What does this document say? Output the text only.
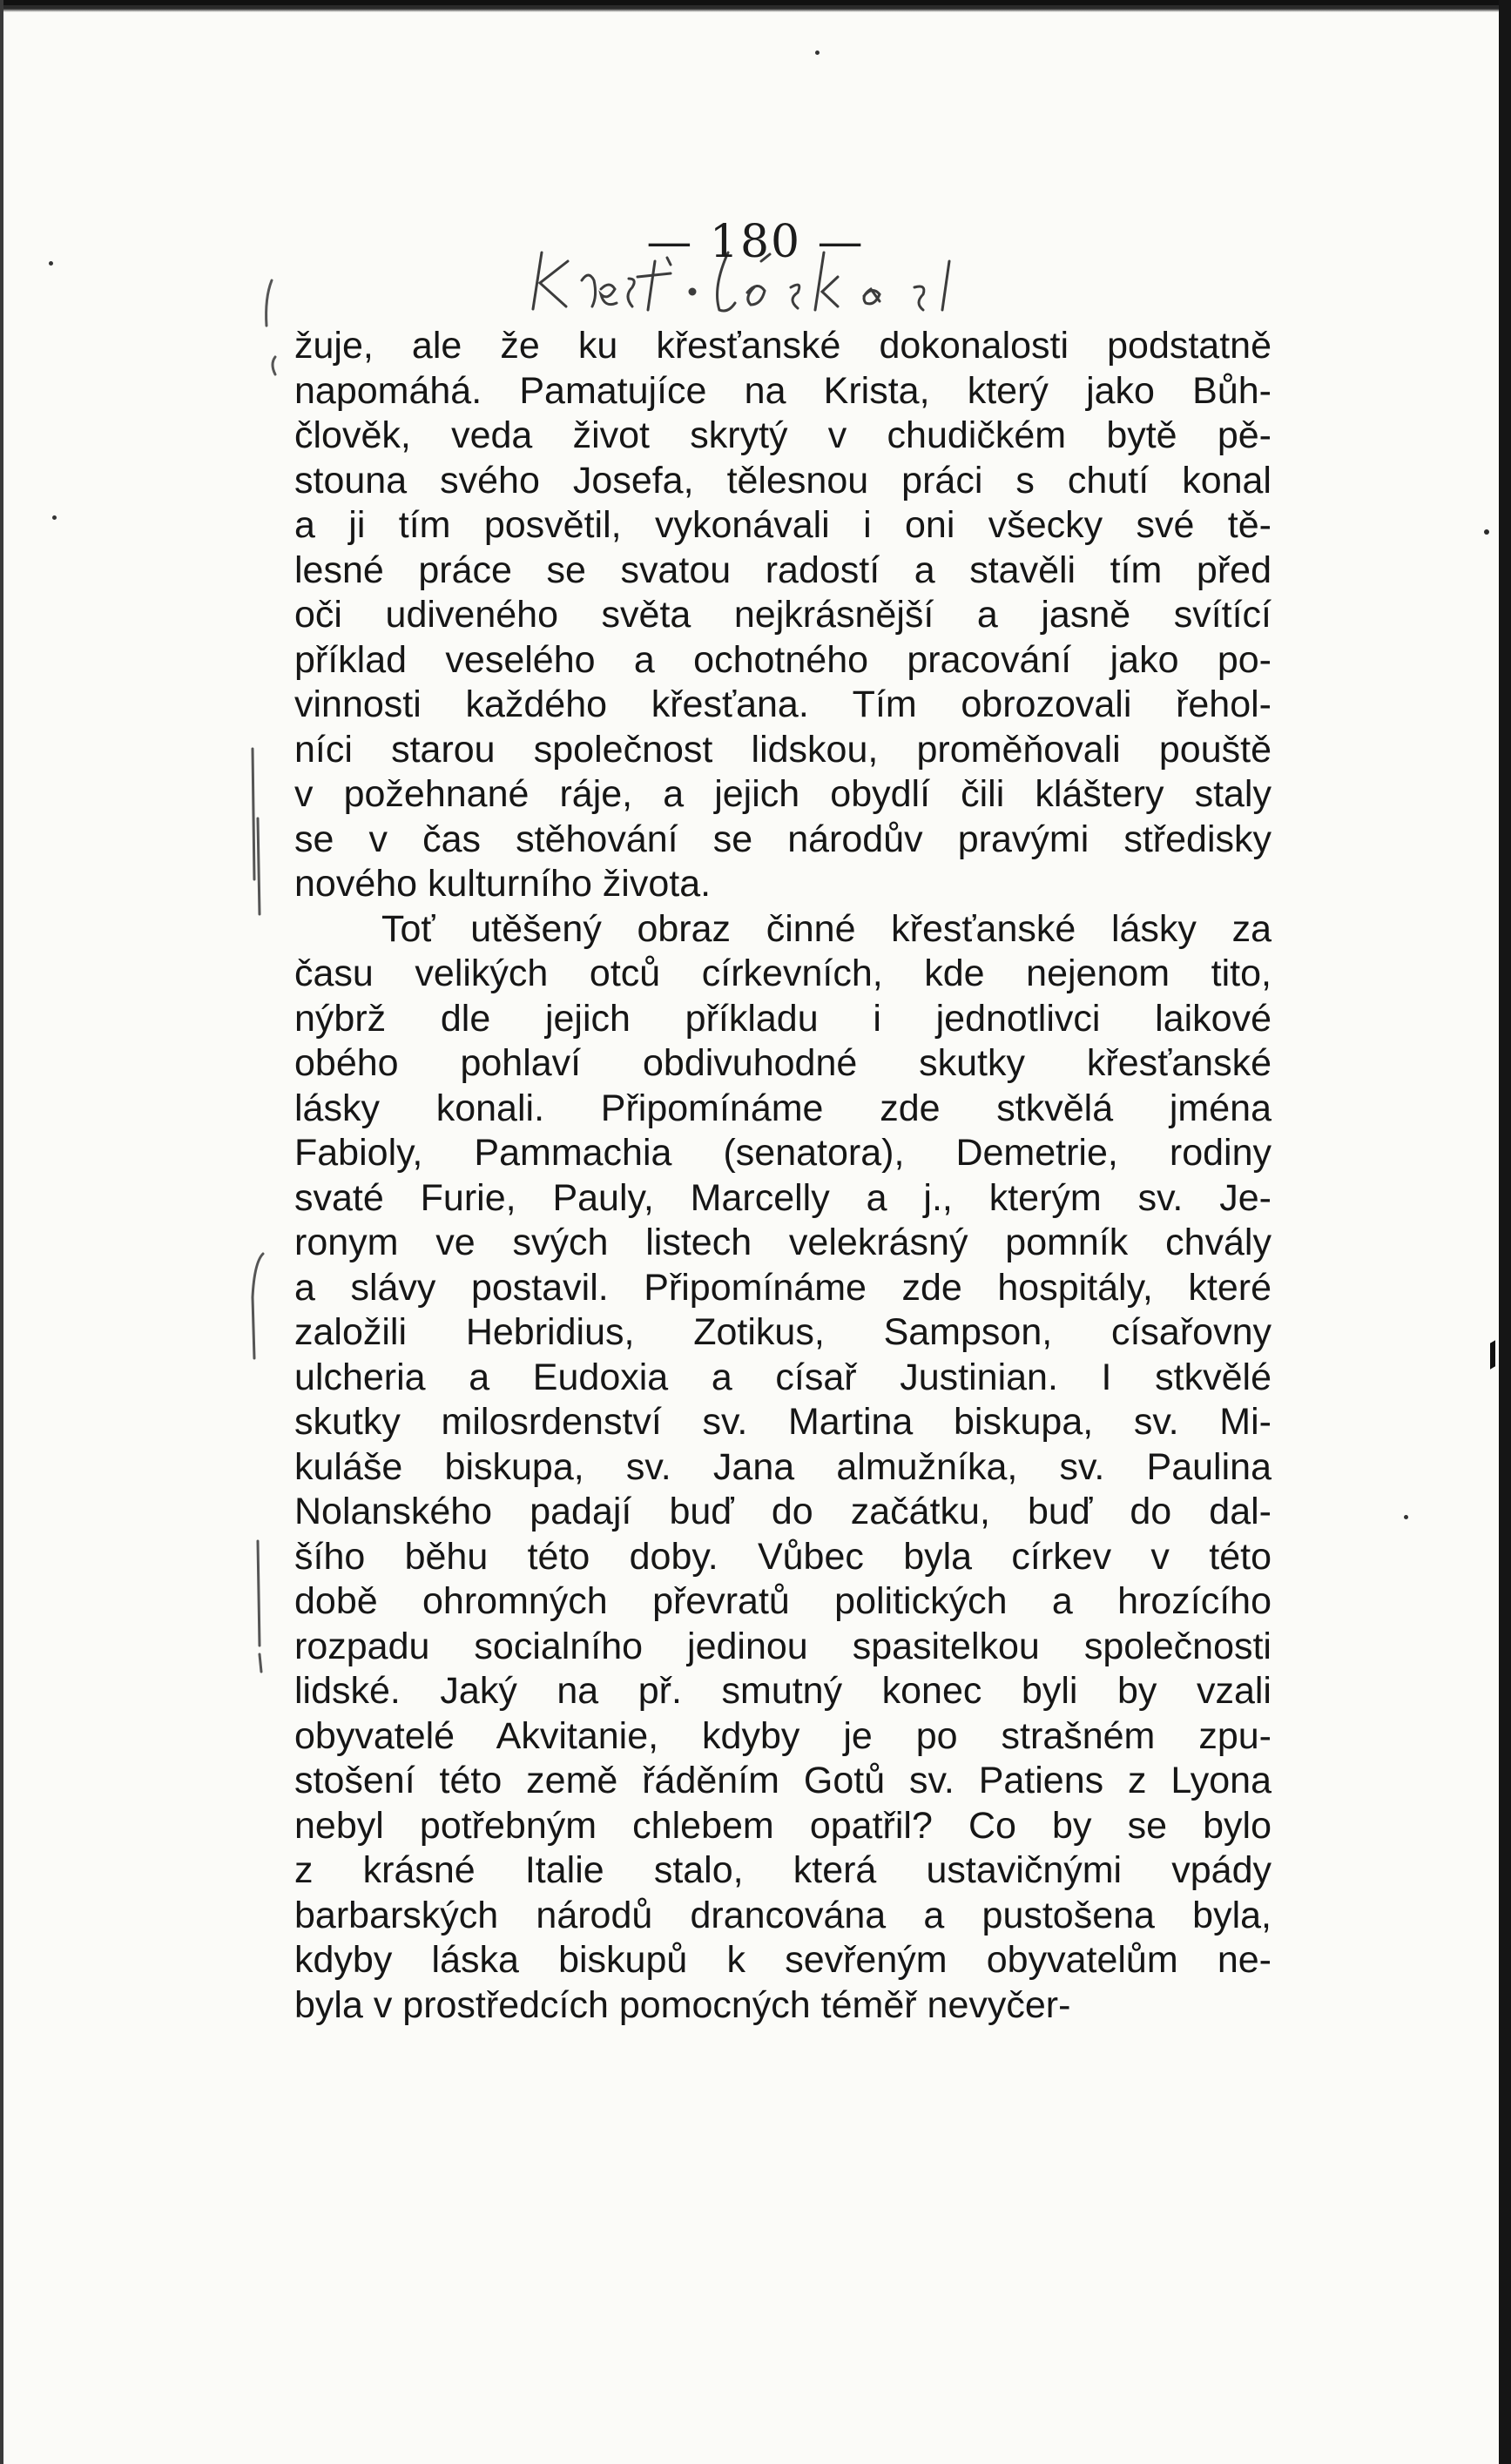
— 180 —
žuje, ale že ku křesťanské dokonalosti podstatně
napomáhá. Pamatujíce na Krista, který jako Bůh-
člověk, veda život skrytý v chudičkém bytě pě-
stouna svého Josefa, tělesnou práci s chutí konal
a ji tím posvětil, vykonávali i oni všecky své tě-
lesné práce se svatou radostí a stavěli tím před
oči udiveného světa nejkrásnější a jasně svítící
příklad veselého a ochotného pracování jako po-
vinnosti každého křesťana. Tím obrozovali řehol-
níci starou společnost lidskou, proměňovali pouště
v požehnané ráje, a jejich obydlí čili kláštery staly
se v čas stěhování se národův pravými středisky
nového kulturního života.
Toť utěšený obraz činné křesťanské lásky za
času velikých otců církevních, kde nejenom tito,
nýbrž dle jejich příkladu i jednotlivci laikové
obého pohlaví obdivuhodné skutky křesťanské
lásky konali. Připomínáme zde stkvělá jména
Fabioly, Pammachia (senatora), Demetrie, rodiny
svaté Furie, Pauly, Marcelly a j., kterým sv. Je-
ronym ve svých listech velekrásný pomník chvály
a slávy postavil. Připomínáme zde hospitály, které
založili Hebridius, Zotikus, Sampson, císařovny
ulcheria a Eudoxia a císař Justinian. I stkvělé
skutky milosrdenství sv. Martina biskupa, sv. Mi-
kuláše biskupa, sv. Jana almužníka, sv. Paulina
Nolanského padají buď do začátku, buď do dal-
šího běhu této doby. Vůbec byla církev v této
době ohromných převratů politických a hrozícího
rozpadu socialního jedinou spasitelkou společnosti
lidské. Jaký na př. smutný konec byli by vzali
obyvatelé Akvitanie, kdyby je po strašném zpu-
stošení této země řáděním Gotů sv. Patiens z Lyona
nebyl potřebným chlebem opatřil? Co by se bylo
z krásné Italie stalo, která ustavičnými vpády
barbarských národů drancována a pustošena byla,
kdyby láska biskupů k sevřeným obyvatelům ne-
byla v prostředcích pomocných téměř nevyčer-
